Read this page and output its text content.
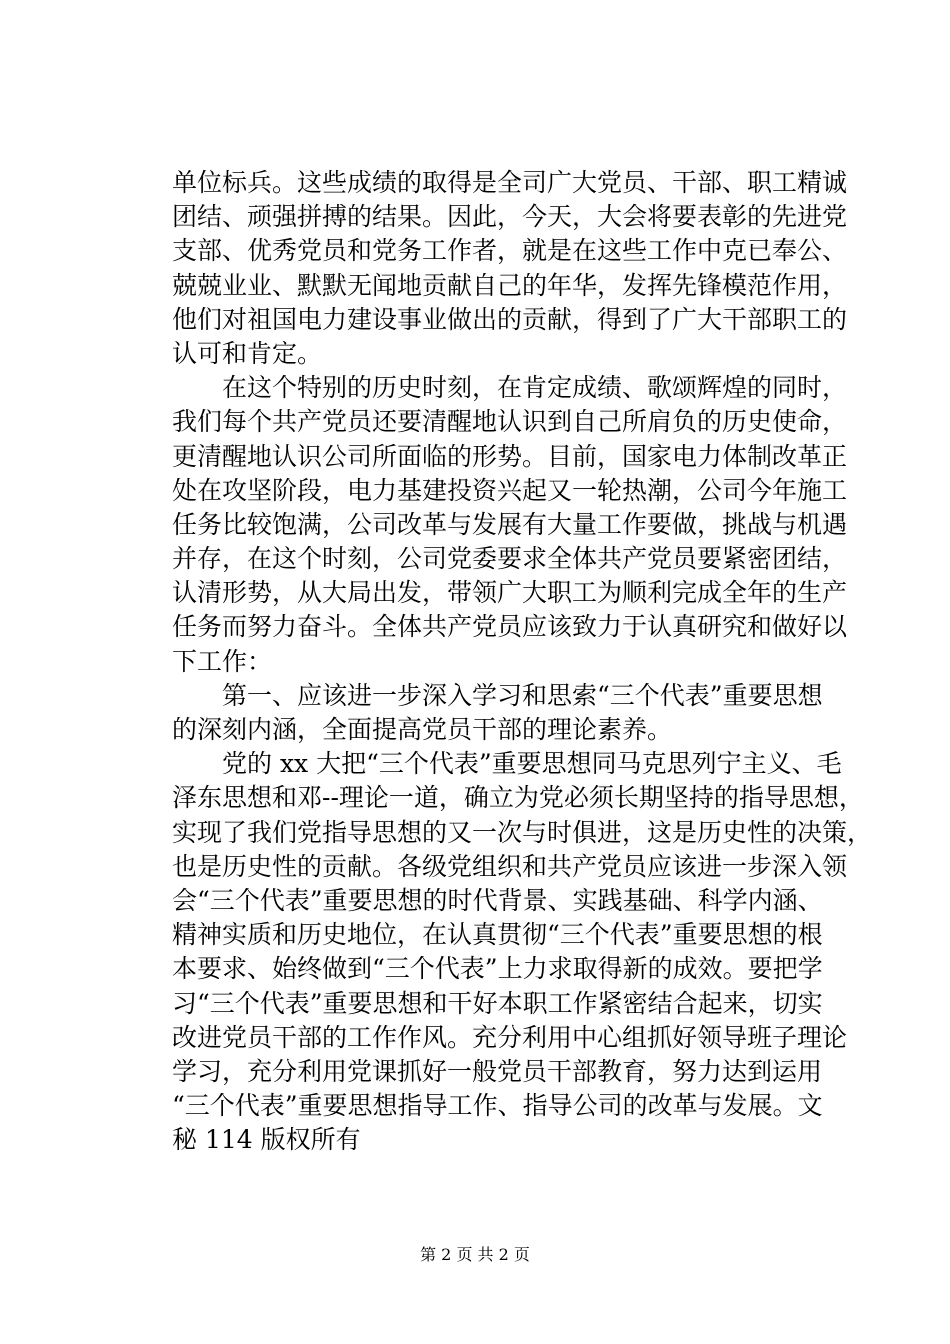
单位标兵。这些成绩的取得是全司广大党员、干部、职工精诚
团结、顽强拼搏的结果。因此，今天，大会将要表彰的先进党
支部、优秀党员和党务工作者，就是在这些工作中克已奉公、
兢兢业业、默默无闻地贡献自己的年华，发挥先锋模范作用，
他们对祖国电力建设事业做出的贡献，得到了广大干部职工的
认可和肯定。
　　在这个特别的历史时刻，在肯定成绩、歌颂辉煌的同时，
我们每个共产党员还要清醒地认识到自己所肩负的历史使命，
更清醒地认识公司所面临的形势。目前，国家电力体制改革正
处在攻坚阶段，电力基建投资兴起又一轮热潮，公司今年施工
任务比较饱满，公司改革与发展有大量工作要做，挑战与机遇
并存，在这个时刻，公司党委要求全体共产党员要紧密团结，
认清形势，从大局出发，带领广大职工为顺利完成全年的生产
任务而努力奋斗。全体共产党员应该致力于认真研究和做好以
下工作：
　　第一、应该进一步深入学习和思索“三个代表”重要思想
的深刻内涵，全面提高党员干部的理论素养。
　　党的 xx 大把“三个代表”重要思想同马克思列宁主义、毛
泽东思想和邓--理论一道，确立为党必须长期坚持的指导思想，
实现了我们党指导思想的又一次与时俱进，这是历史性的决策，
也是历史性的贡献。各级党组织和共产党员应该进一步深入领
会“三个代表”重要思想的时代背景、实践基础、科学内涵、
精神实质和历史地位，在认真贯彻“三个代表”重要思想的根
本要求、始终做到“三个代表”上力求取得新的成效。要把学
习“三个代表”重要思想和干好本职工作紧密结合起来，切实
改进党员干部的工作作风。充分利用中心组抓好领导班子理论
学习，充分利用党课抓好一般党员干部教育，努力达到运用
“三个代表”重要思想指导工作、指导公司的改革与发展。文
秘 114 版权所有
第 2 页 共 2 页
